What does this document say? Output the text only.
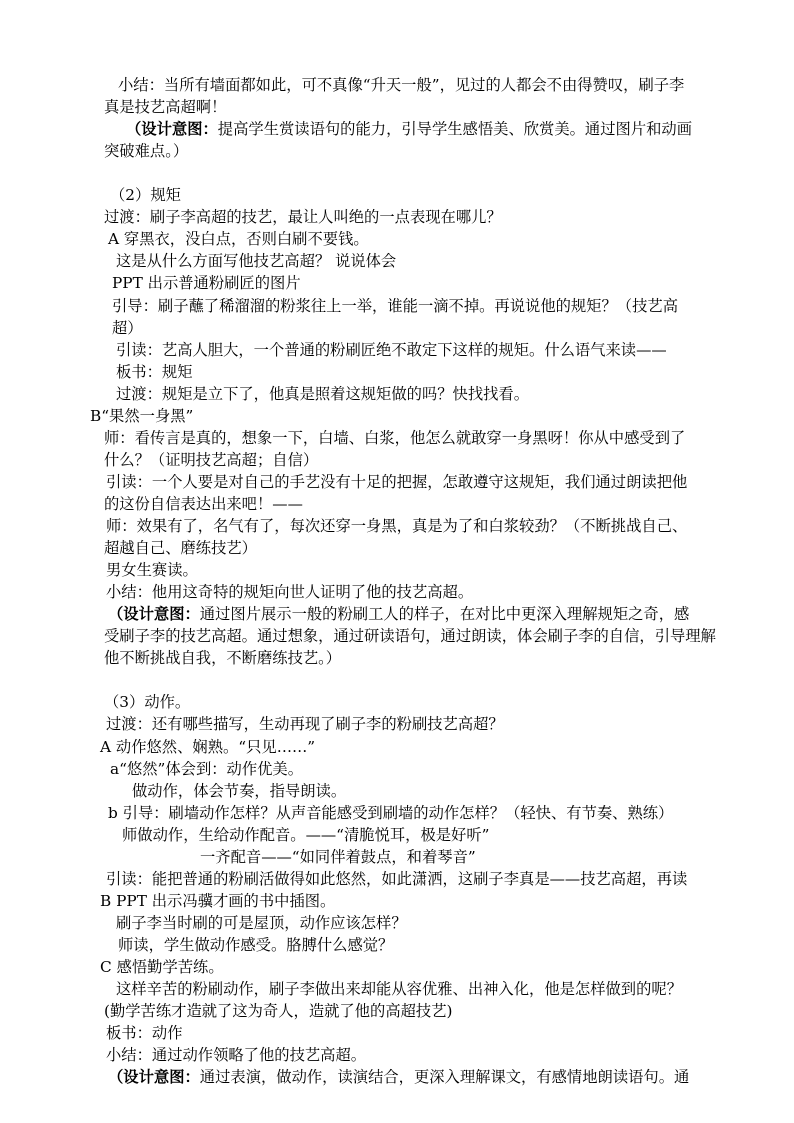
小结：当所有墙面都如此，可不真像“升天一般”，见过的人都会不由得赞叹，刷子李
真是技艺高超啊！
（设计意图：提高学生赏读语句的能力，引导学生感悟美、欣赏美。通过图片和动画
突破难点。）
（2）规矩
过渡：刷子李高超的技艺，最让人叫绝的一点表现在哪儿？
A 穿黑衣，没白点，否则白刷不要钱。
这是从什么方面写他技艺高超？ 说说体会
PPT 出示普通粉刷匠的图片
引导：刷子蘸了稀溜溜的粉浆往上一举，谁能一滴不掉。再说说他的规矩？（技艺高
超）
引读：艺高人胆大，一个普通的粉刷匠绝不敢定下这样的规矩。什么语气来读——
板书：规矩
过渡：规矩是立下了，他真是照着这规矩做的吗？快找找看。
B“果然一身黑”
师：看传言是真的，想象一下，白墙、白浆，他怎么就敢穿一身黑呀！你从中感受到了
什么？（证明技艺高超；自信）
引读：一个人要是对自己的手艺没有十足的把握，怎敢遵守这规矩，我们通过朗读把他
的这份自信表达出来吧！——
师：效果有了，名气有了，每次还穿一身黑，真是为了和白浆较劲？（不断挑战自己、
超越自己、磨练技艺）
男女生赛读。
小结：他用这奇特的规矩向世人证明了他的技艺高超。
（设计意图：通过图片展示一般的粉刷工人的样子，在对比中更深入理解规矩之奇，感
受刷子李的技艺高超。通过想象，通过研读语句，通过朗读，体会刷子李的自信，引导理解
他不断挑战自我，不断磨练技艺。）
（3）动作。
过渡：还有哪些描写，生动再现了刷子李的粉刷技艺高超？
A 动作悠然、娴熟。“只见……”
a“悠然”体会到：动作优美。
做动作，体会节奏，指导朗读。
b 引导：刷墙动作怎样？从声音能感受到刷墙的动作怎样？（轻快、有节奏、熟练）
师做动作，生给动作配音。——“清脆悦耳，极是好听”
一齐配音——“如同伴着鼓点，和着琴音”
引读：能把普通的粉刷活做得如此悠然，如此潇洒，这刷子李真是——技艺高超，再读
B PPT 出示冯骥才画的书中插图。
刷子李当时刷的可是屋顶，动作应该怎样？
师读，学生做动作感受。胳膊什么感觉？
C 感悟勤学苦练。
这样辛苦的粉刷动作，刷子李做出来却能从容优雅、出神入化，他是怎样做到的呢？
(勤学苦练才造就了这为奇人，造就了他的高超技艺)
板书：动作
小结：通过动作领略了他的技艺高超。
（设计意图：通过表演，做动作，读演结合，更深入理解课文，有感情地朗读语句。通
